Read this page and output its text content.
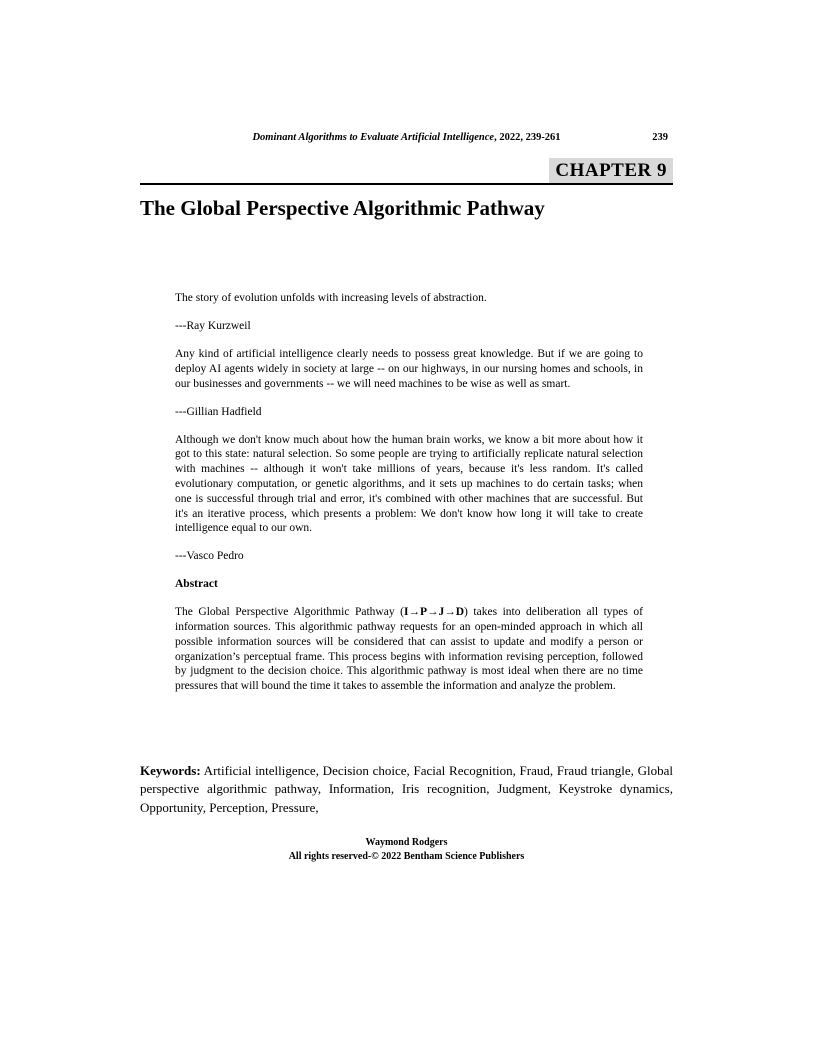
Dominant Algorithms to Evaluate Artificial Intelligence, 2022, 239-261	239
CHAPTER 9
The Global Perspective Algorithmic Pathway

The story of evolution unfolds with increasing levels of abstraction.

---Ray Kurzweil

Any kind of artificial intelligence clearly needs to possess great knowledge. But if we are going to deploy AI agents widely in society at large -- on our highways, in our nursing homes and schools, in our businesses and governments -- we will need machines to be wise as well as smart.

---Gillian Hadfield

Although we don't know much about how the human brain works, we know a bit more about how it got to this state: natural selection. So some people are trying to artificially replicate natural selection with machines -- although it won't take millions of years, because it's less random. It's called evolutionary computation, or genetic algorithms, and it sets up machines to do certain tasks; when one is successful through trial and error, it's combined with other machines that are successful. But it's an iterative process, which presents a problem: We don't know how long it will take to create intelligence equal to our own.

---Vasco Pedro

Abstract

The Global Perspective Algorithmic Pathway (I→P→J→D) takes into deliberation all types of information sources. This algorithmic pathway requests for an open-minded approach in which all possible information sources will be considered that can assist to update and modify a person or organization’s perceptual frame. This process begins with information revising perception, followed by judgment to the decision choice. This algorithmic pathway is most ideal when there are no time pressures that will bound the time it takes to assemble the information and analyze the problem.

Keywords: Artificial intelligence, Decision choice, Facial Recognition, Fraud, Fraud triangle, Global perspective algorithmic pathway, Information, Iris recognition, Judgment, Keystroke dynamics, Opportunity, Perception, Pressure,

Waymond Rodgers
All rights reserved-© 2022 Bentham Science Publishers
